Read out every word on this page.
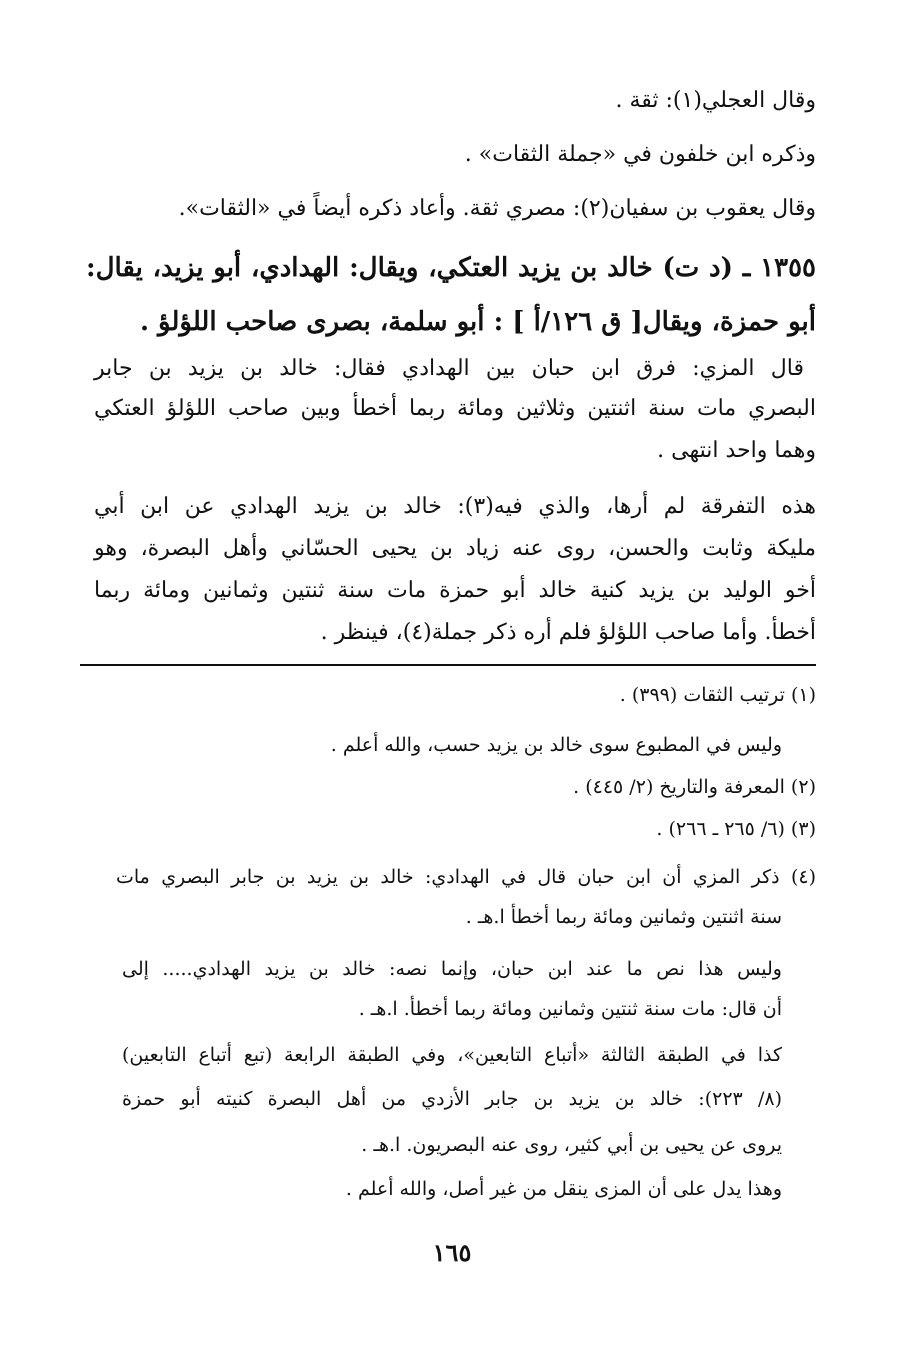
وقال العجلي(١): ثقة .
وذكره ابن خلفون في «جملة الثقات» .
وقال يعقوب بن سفيان(٢): مصري ثقة. وأعاد ذكره أيضاً في «الثقات».
١٣٥٥ ـ (د ت) خالد بن يزيد العتكي، ويقال: الهدادي، أبو يزيد، يقال:
أبو حمزة، ويقال[ ق ١٢٦/أ ] : أبو سلمة، بصرى صاحب اللؤلؤ .
قال المزي: فرق ابن حبان بين الهدادي فقال: خالد بن يزيد بن جابر
البصري مات سنة اثنتين وثلاثين ومائة ربما أخطأ وبين صاحب اللؤلؤ العتكي
وهما واحد انتهى .
هذه التفرقة لم أرها، والذي فيه(٣): خالد بن يزيد الهدادي عن ابن أبي
مليكة وثابت والحسن، روى عنه زياد بن يحيى الحسّاني وأهل البصرة، وهو
أخو الوليد بن يزيد كنية خالد أبو حمزة مات سنة ثنتين وثمانين ومائة ربما
أخطأ. وأما صاحب اللؤلؤ فلم أره ذكر جملة(٤)، فينظر .
(١) ترتيب الثقات (٣٩٩) .
وليس في المطبوع سوى خالد بن يزيد حسب، والله أعلم .
(٢) المعرفة والتاريخ (٢/ ٤٤٥) .
(٣) (٦/ ٢٦٥ ـ ٢٦٦) .
(٤) ذكر المزي أن ابن حبان قال في الهدادي: خالد بن يزيد بن جابر البصري مات
سنة اثنتين وثمانين ومائة ربما أخطأ ا.هـ .
وليس هذا نص ما عند ابن حبان، وإنما نصه: خالد بن يزيد الهدادي..... إلى
أن قال: مات سنة ثنتين وثمانين ومائة ربما أخطأ. ا.هـ .
كذا في الطبقة الثالثة «أتباع التابعين»، وفي الطبقة الرابعة (تبع أتباع التابعين)
(٨/ ٢٢٣): خالد بن يزيد بن جابر الأزدي من أهل البصرة كنيته أبو حمزة
يروى عن يحيى بن أبي كثير، روى عنه البصريون. ا.هـ .
وهذا يدل على أن المزى ينقل من غير أصل، والله أعلم .
١٦٥
